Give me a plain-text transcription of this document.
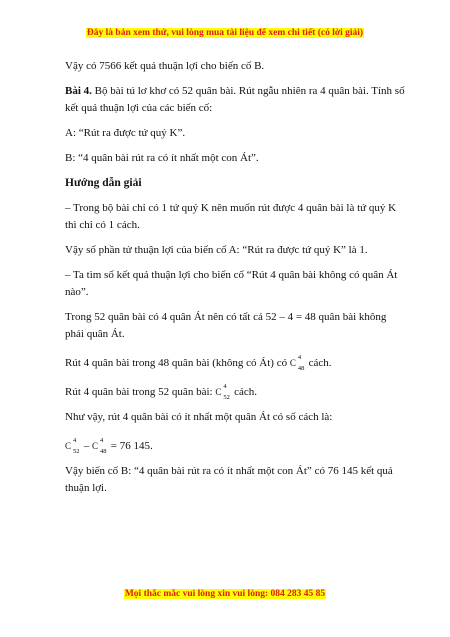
Đây là bản xem thử, vui lòng mua tài liệu để xem chi tiết (có lời giải)

Vậy có 7566 kết quả thuận lợi cho biến cố B.

Bài 4. Bộ bài tú lơ khơ có 52 quân bài. Rút ngẫu nhiên ra 4 quân bài. Tính số kết quả thuận lợi của các biến cố:

A: “Rút ra được tứ quý K”.

B: “4 quân bài rút ra có ít nhất một con Át”.

Hướng dẫn giải

– Trong bộ bài chỉ có 1 tứ quý K nên muốn rút được 4 quân bài là tứ quý K thì chỉ có 1 cách.

Vậy số phần tử thuận lợi của biến cố A: “Rút ra được tứ quý K” là 1.

– Ta tìm số kết quả thuận lợi cho biến cố “Rút 4 quân bài không có quân Át nào”.

Trong 52 quân bài có 4 quân Át nên có tất cả 52 – 4 = 48 quân bài không phải quân Át.

Rút 4 quân bài trong 48 quân bài (không có Át) có C
4
48 cách.

Rút 4 quân bài trong 52 quân bài: C
4
52 cách.

Như vậy, rút 4 quân bài có ít nhất một quân Át có số cách là:

C
4
52 – C
4
48 = 76 145.

Vậy biến cố B: “4 quân bài rút ra có ít nhất một con Át” có 76 145 kết quả thuận lợi.

Mọi thắc mắc vui lòng xin vui lòng: 084 283 45 85
